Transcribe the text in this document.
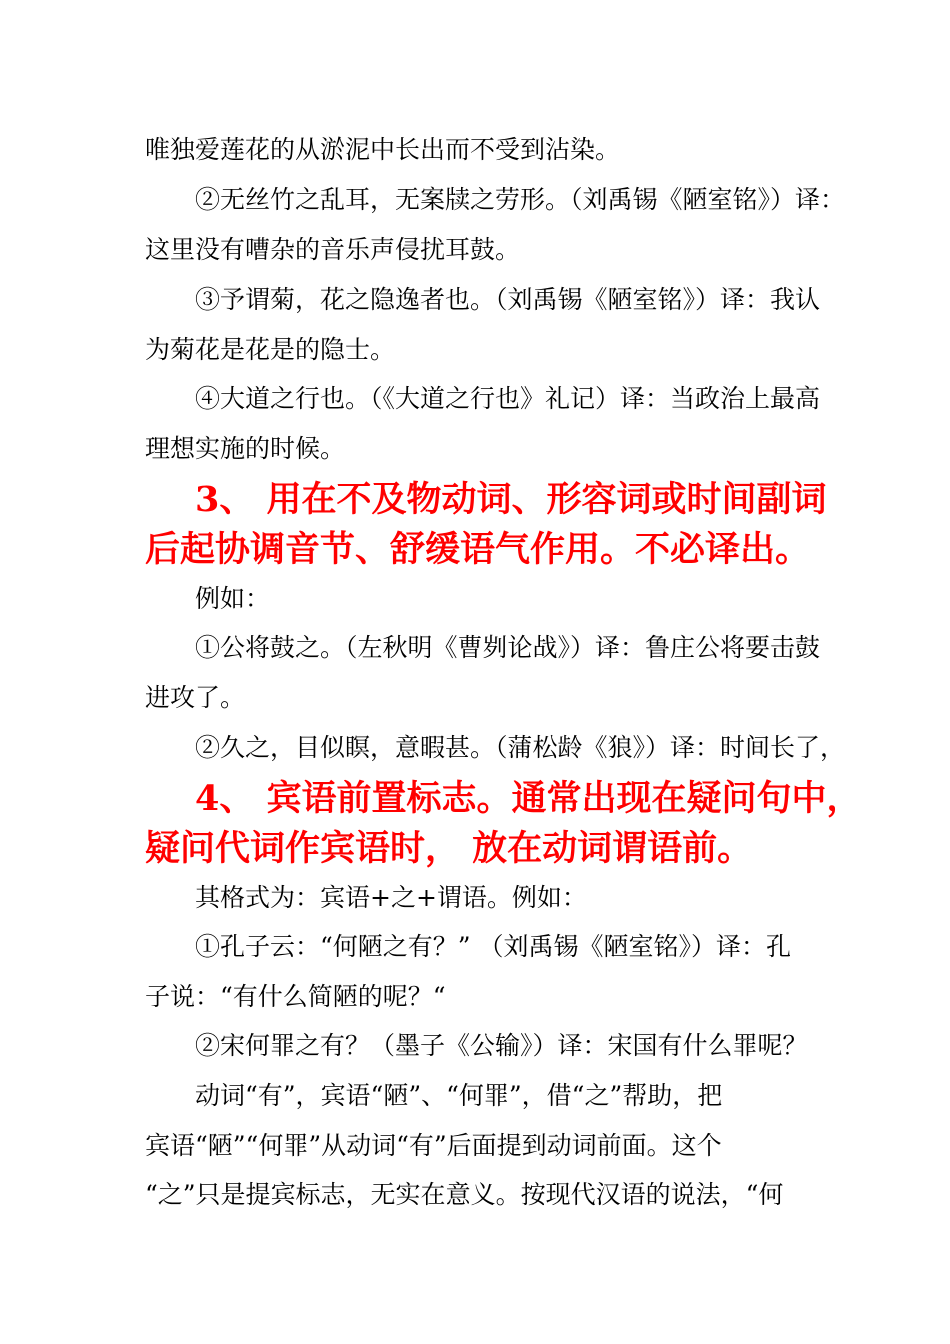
唯独爱莲花的从淤泥中长出而不受到沾染。
②无丝竹之乱耳，无案牍之劳形。（刘禹锡《陋室铭》）译：
这里没有嘈杂的音乐声侵扰耳鼓。
③予谓菊，花之隐逸者也。（刘禹锡《陋室铭》）译：我认
为菊花是花是的隐士。
④大道之行也。（《大道之行也》礼记）译：当政治上最高
理想实施的时候。
3、 用在不及物动词、形容词或时间副词
后起协调音节、舒缓语气作用。不必译出。
例如：
①公将鼓之。（左秋明《曹刿论战》）译：鲁庄公将要击鼓
进攻了。
②久之，目似瞑，意暇甚。（蒲松龄《狼》）译：时间长了，
4、 宾语前置标志。通常出现在疑问句中，
疑问代词作宾语时， 放在动词谓语前。
其格式为：宾语+之+谓语。例如：
①孔子云：“何陋之有？” （刘禹锡《陋室铭》）译：孔
子说：“有什么简陋的呢？“
②宋何罪之有？（墨子《公输》）译：宋国有什么罪呢？
动词“有”，宾语“陋”、“何罪”，借“之”帮助，把
宾语“陋”“何罪”从动词“有”后面提到动词前面。这个
“之”只是提宾标志，无实在意义。按现代汉语的说法，“何
